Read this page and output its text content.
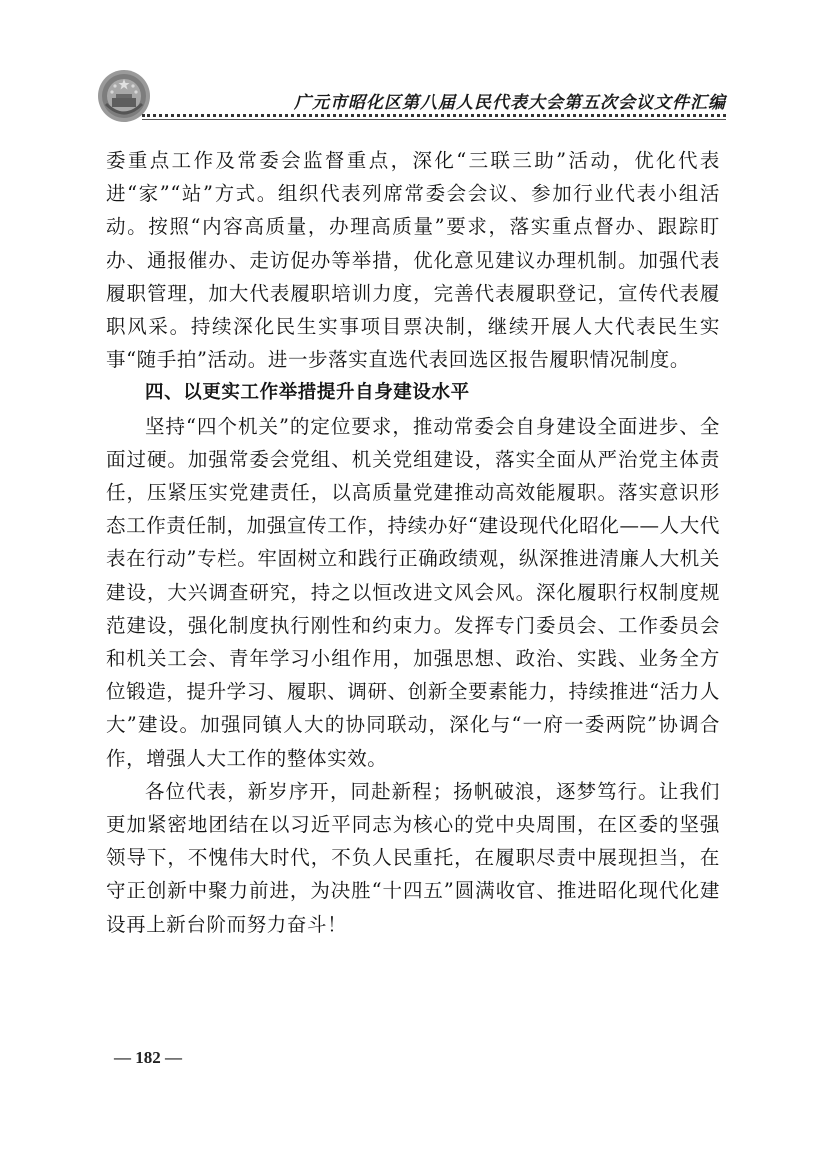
广元市昭化区第八届人民代表大会第五次会议文件汇编

委重点工作及常委会监督重点，深化“三联三助”活动，优化代表进“家”“站”方式。组织代表列席常委会会议、参加行业代表小组活动。按照“内容高质量，办理高质量”要求，落实重点督办、跟踪盯办、通报催办、走访促办等举措，优化意见建议办理机制。加强代表履职管理，加大代表履职培训力度，完善代表履职登记，宣传代表履职风采。持续深化民生实事项目票决制，继续开展人大代表民生实事“随手拍”活动。进一步落实直选代表回选区报告履职情况制度。

四、以更实工作举措提升自身建设水平

坚持“四个机关”的定位要求，推动常委会自身建设全面进步、全面过硬。加强常委会党组、机关党组建设，落实全面从严治党主体责任，压紧压实党建责任，以高质量党建推动高效能履职。落实意识形态工作责任制，加强宣传工作，持续办好“建设现代化昭化——人大代表在行动”专栏。牢固树立和践行正确政绩观，纵深推进清廉人大机关建设，大兴调查研究，持之以恒改进文风会风。深化履职行权制度规范建设，强化制度执行刚性和约束力。发挥专门委员会、工作委员会和机关工会、青年学习小组作用，加强思想、政治、实践、业务全方位锻造，提升学习、履职、调研、创新全要素能力，持续推进“活力人大”建设。加强同镇人大的协同联动，深化与“一府一委两院”协调合作，增强人大工作的整体实效。

各位代表，新岁序开，同赴新程；扬帆破浪，逐梦笃行。让我们更加紧密地团结在以习近平同志为核心的党中央周围，在区委的坚强领导下，不愧伟大时代，不负人民重托，在履职尽责中展现担当，在守正创新中聚力前进，为决胜“十四五”圆满收官、推进昭化现代化建设再上新台阶而努力奋斗！

— 182 —
